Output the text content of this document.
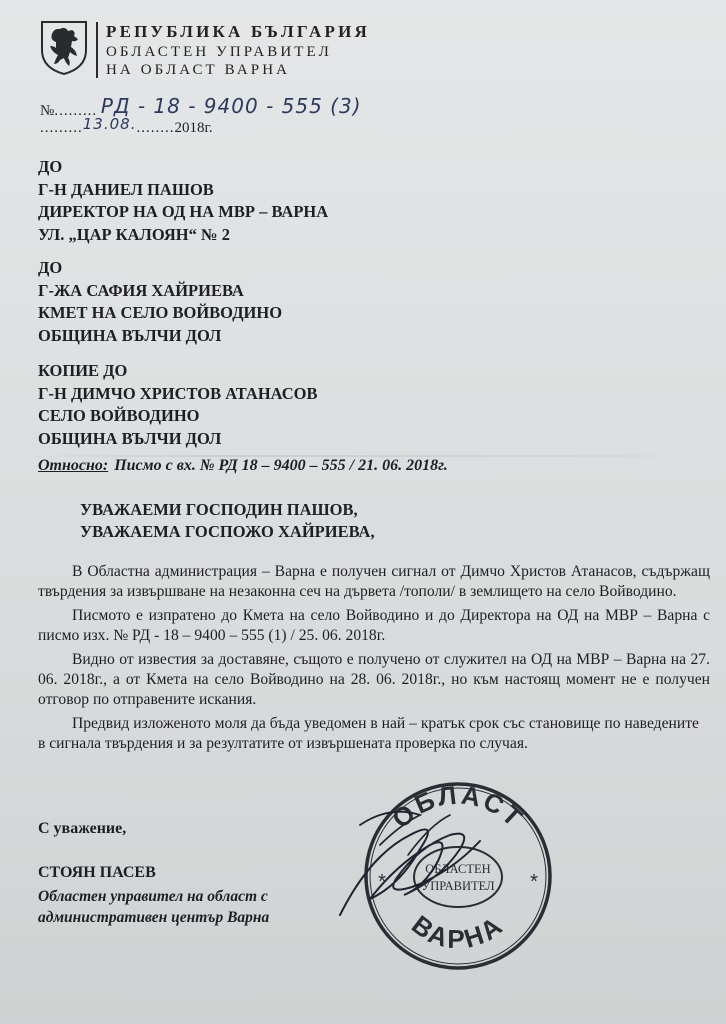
РЕПУБЛИКА БЪЛГАРИЯ
ОБЛАСТЕН УПРАВИТЕЛ
НА ОБЛАСТ ВАРНА
№......... РД - 18 - 9400 - 555 (3)
.........13.08.........2018г.
ДО
Г-Н ДАНИЕЛ ПАШОВ
ДИРЕКТОР НА ОД НА МВР – ВАРНА
УЛ. „ЦАР КАЛОЯН“ № 2
ДО
Г-ЖА САФИЯ ХАЙРИЕВА
КМЕТ НА СЕЛО ВОЙВОДИНО
ОБЩИНА ВЪЛЧИ ДОЛ
КОПИЕ ДО
Г-Н ДИМЧО ХРИСТОВ АТАНАСОВ
СЕЛО ВОЙВОДИНО
ОБЩИНА ВЪЛЧИ ДОЛ
Относно: Писмо с вх. № РД 18 – 9400 – 555 / 21. 06. 2018г.
УВАЖАЕМИ ГОСПОДИН ПАШОВ,
УВАЖАЕМА ГОСПОЖО ХАЙРИЕВА,

В Областна администрация – Варна е получен сигнал от Димчо Христов Атанасов, съдържащ твърдения за извършване на незаконна сеч на дървета /тополи/ в землището на село Войводино.

Писмото е изпратено до Кмета на село Войводино и до Директора на ОД на МВР – Варна с писмо изх. № РД - 18 – 9400 – 555 (1) / 25. 06. 2018г.

Видно от известия за доставяне, същото е получено от служител на ОД на МВР – Варна на 27. 06. 2018г., а от Кмета на село Войводино на 28. 06. 2018г., но към настоящ момент не е получен отговор по отправените искания.

Предвид изложеното моля да бъда уведомен в най – кратък срок със становище по наведените в сигнала твърдения и за резултатите от извършената проверка по случая.

С уважение,
СТОЯН ПАСЕВ
Областен управител на област с
административен център Варна
ОБЛАСТ
ВАРНА
ОБЛАСТЕН
УПРАВИТЕЛ
*	*
